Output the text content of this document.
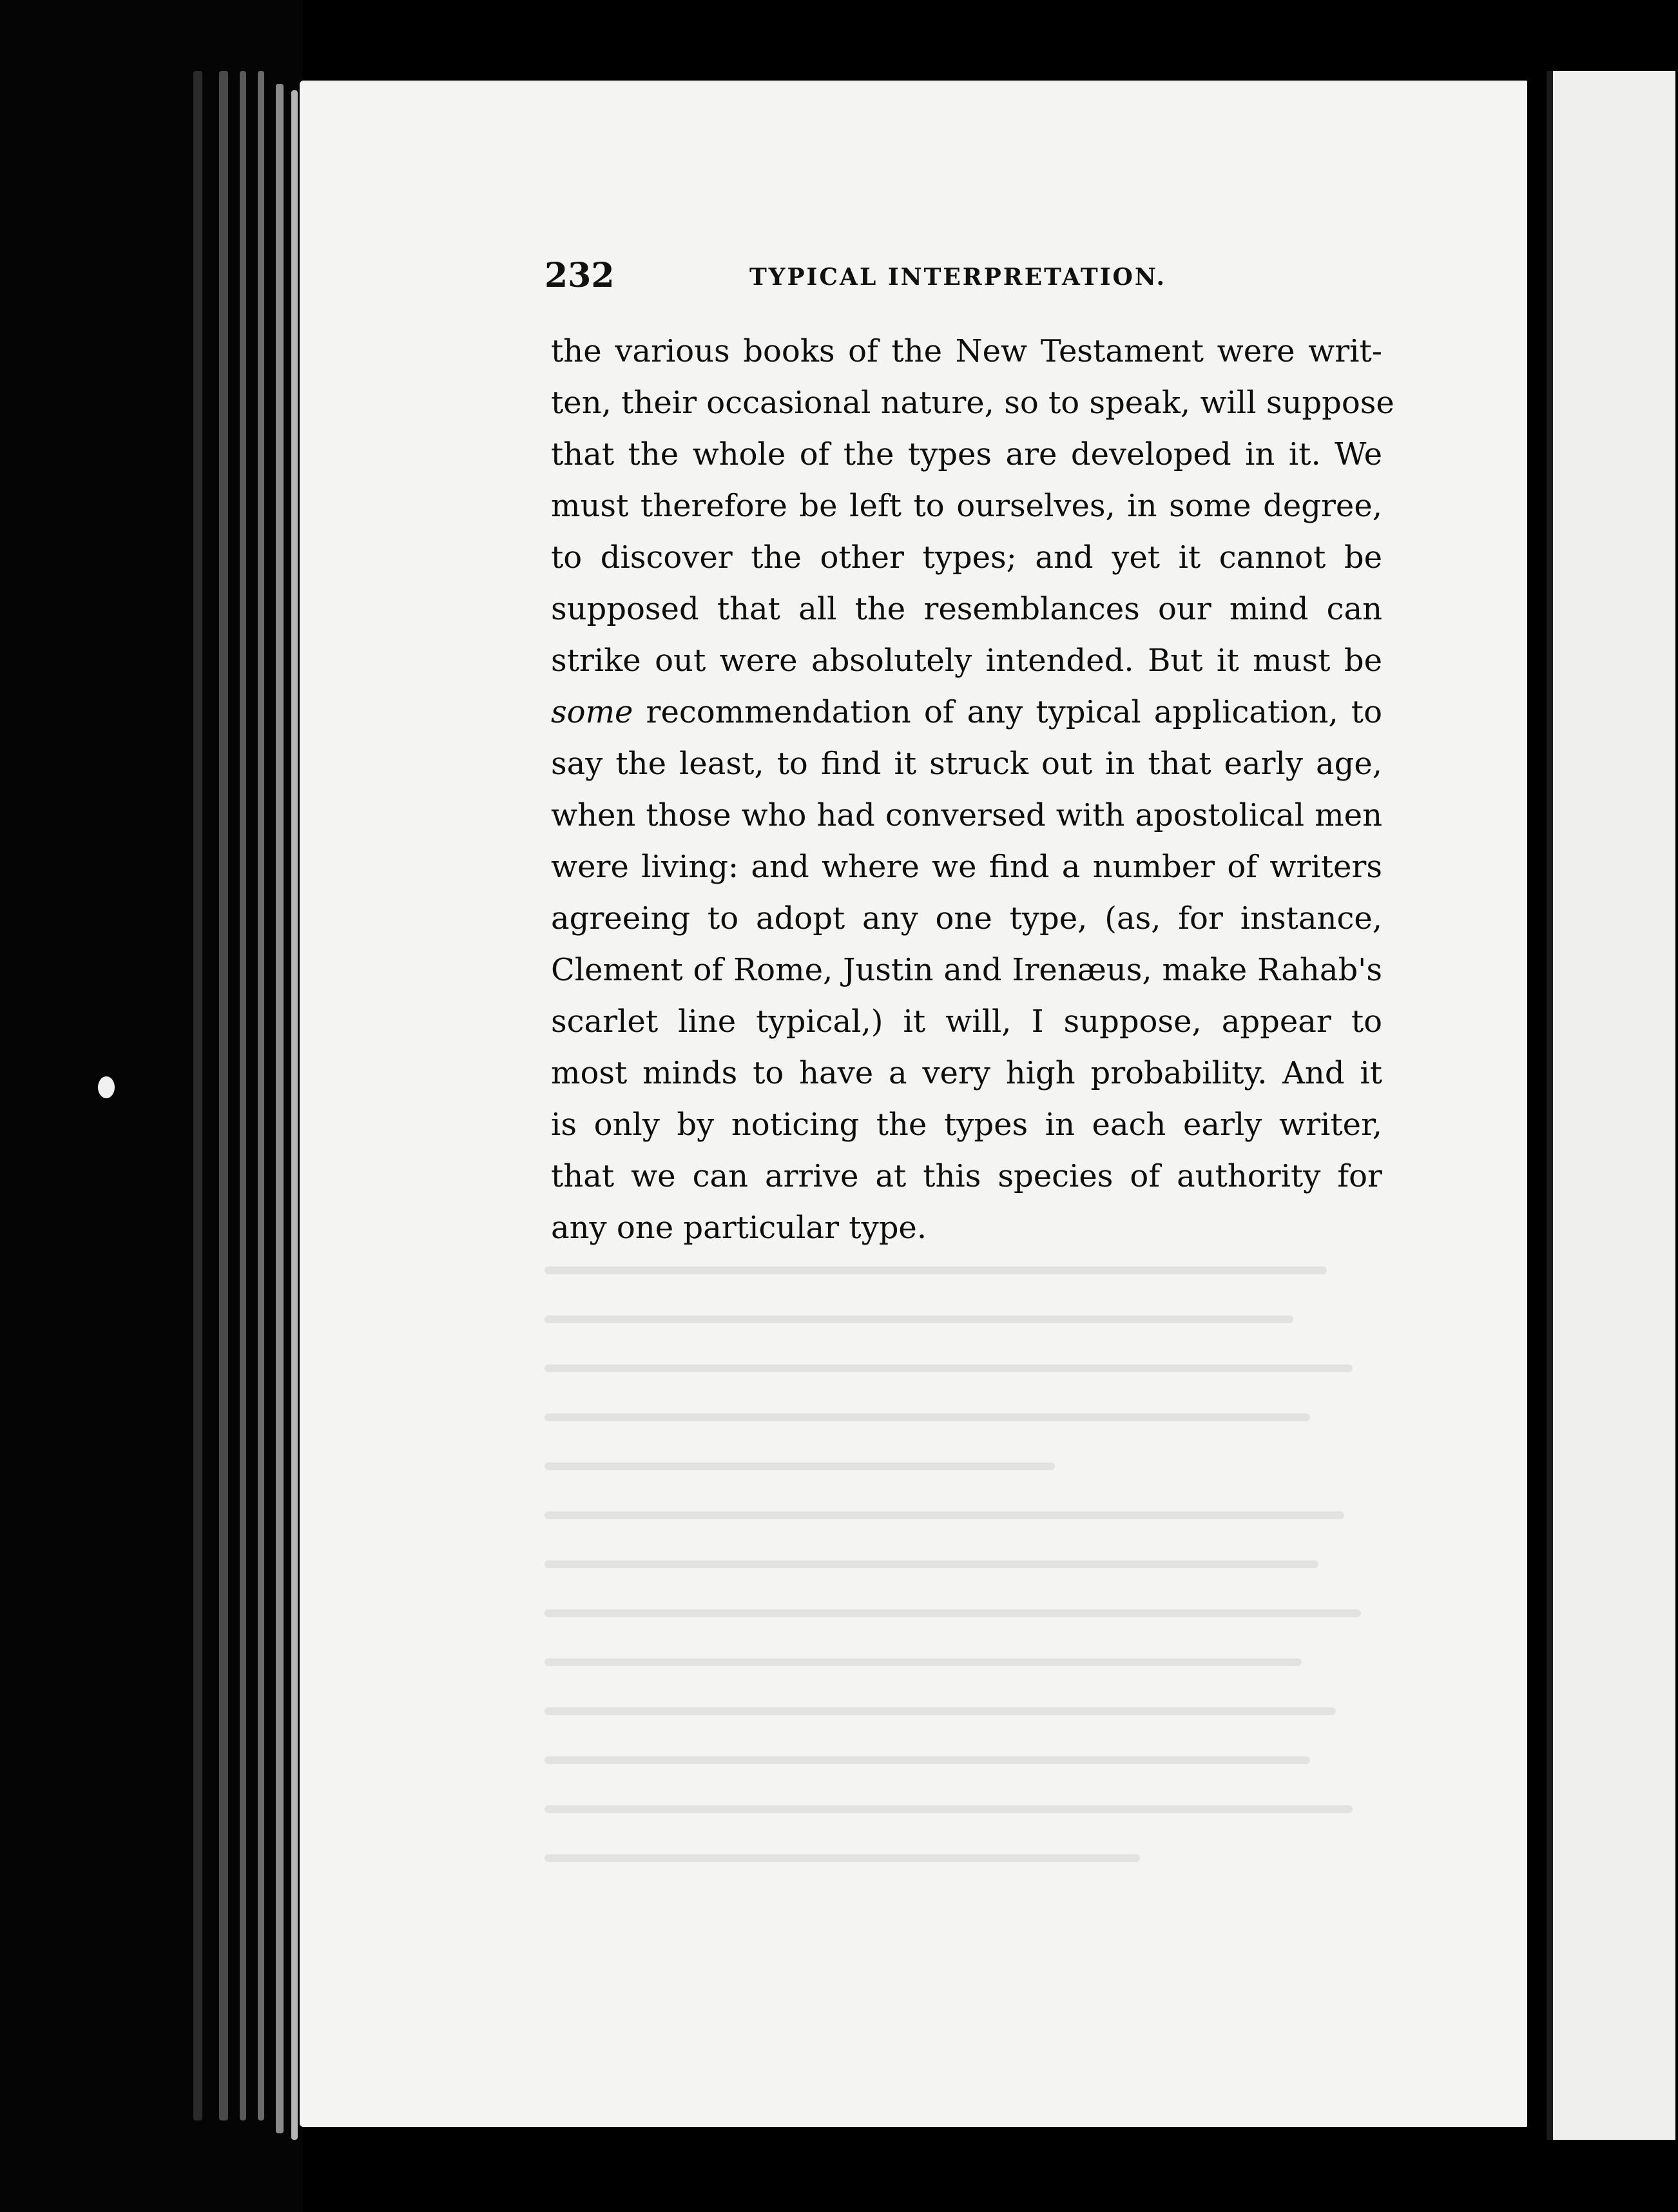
232	TYPICAL INTERPRETATION.
the various books of the New Testament were writ-
ten, their occasional nature, so to speak, will suppose
that the whole of the types are developed in it. We
must therefore be left to ourselves, in some degree,
to discover the other types; and yet it cannot be
supposed that all the resemblances our mind can
strike out were absolutely intended. But it must be
some recommendation of any typical application, to
say the least, to find it struck out in that early age,
when those who had conversed with apostolical men
were living: and where we find a number of writers
agreeing to adopt any one type, (as, for instance,
Clement of Rome, Justin and Irenæus, make Rahab's
scarlet line typical,) it will, I suppose, appear to
most minds to have a very high probability. And it
is only by noticing the types in each early writer,
that we can arrive at this species of authority for
any one particular type.
